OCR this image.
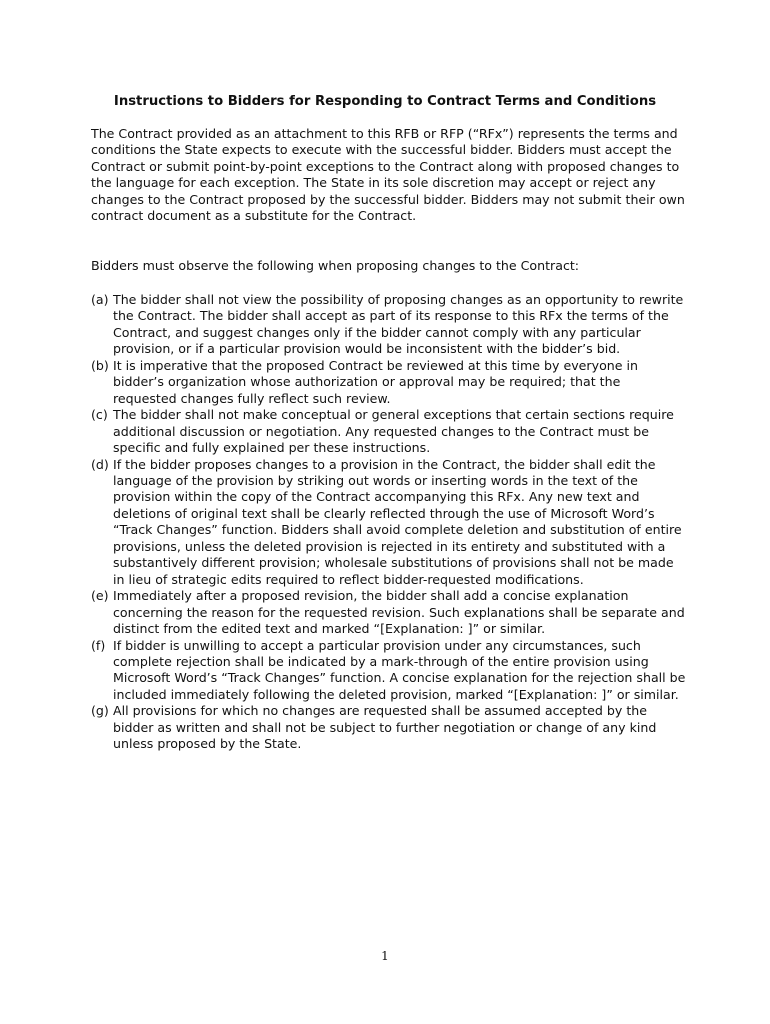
Instructions to Bidders for Responding to Contract Terms and Conditions

The Contract provided as an attachment to this RFB or RFP (“RFx”) represents the terms and conditions the State expects to execute with the successful bidder. Bidders must accept the Contract or submit point-by-point exceptions to the Contract along with proposed changes to the language for each exception. The State in its sole discretion may accept or reject any changes to the Contract proposed by the successful bidder. Bidders may not submit their own contract document as a substitute for the Contract.

Bidders must observe the following when proposing changes to the Contract:

(a) The bidder shall not view the possibility of proposing changes as an opportunity to rewrite the Contract. The bidder shall accept as part of its response to this RFx the terms of the Contract, and suggest changes only if the bidder cannot comply with any particular provision, or if a particular provision would be inconsistent with the bidder’s bid.
(b) It is imperative that the proposed Contract be reviewed at this time by everyone in bidder’s organization whose authorization or approval may be required; that the requested changes fully reflect such review.
(c) The bidder shall not make conceptual or general exceptions that certain sections require additional discussion or negotiation. Any requested changes to the Contract must be specific and fully explained per these instructions.
(d) If the bidder proposes changes to a provision in the Contract, the bidder shall edit the language of the provision by striking out words or inserting words in the text of the provision within the copy of the Contract accompanying this RFx. Any new text and deletions of original text shall be clearly reflected through the use of Microsoft Word’s “Track Changes” function. Bidders shall avoid complete deletion and substitution of entire provisions, unless the deleted provision is rejected in its entirety and substituted with a substantively different provision; wholesale substitutions of provisions shall not be made in lieu of strategic edits required to reflect bidder-requested modifications.
(e) Immediately after a proposed revision, the bidder shall add a concise explanation concerning the reason for the requested revision. Such explanations shall be separate and distinct from the edited text and marked “[Explanation: ]” or similar.
(f) If bidder is unwilling to accept a particular provision under any circumstances, such complete rejection shall be indicated by a mark-through of the entire provision using Microsoft Word’s “Track Changes” function. A concise explanation for the rejection shall be included immediately following the deleted provision, marked “[Explanation: ]” or similar.
(g) All provisions for which no changes are requested shall be assumed accepted by the bidder as written and shall not be subject to further negotiation or change of any kind unless proposed by the State.
1
